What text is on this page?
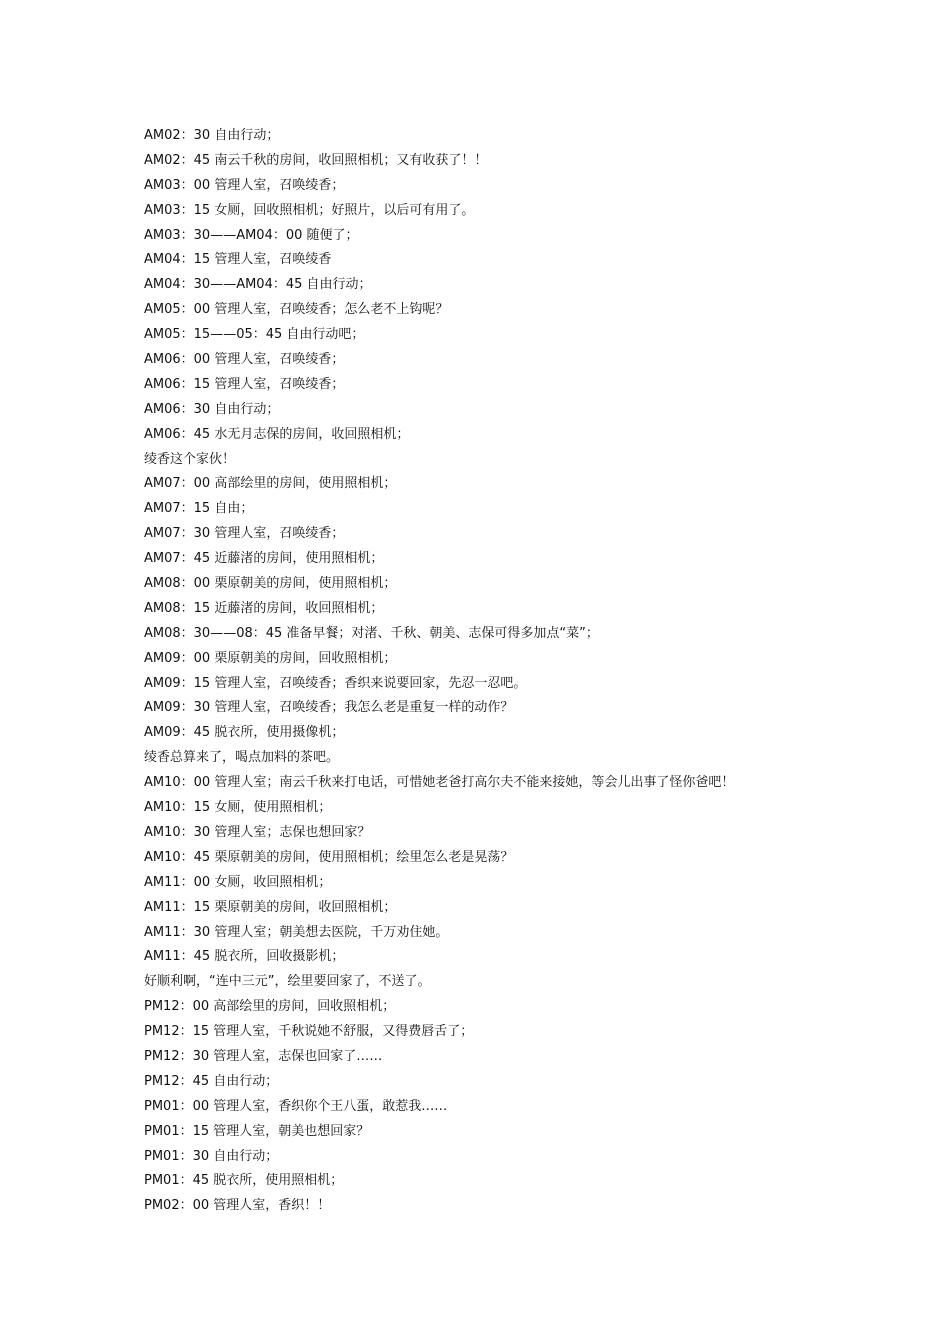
AM02：30 自由行动；
AM02：45 南云千秋的房间，收回照相机；又有收获了！！
AM03：00 管理人室，召唤绫香；
AM03：15 女厕，回收照相机；好照片，以后可有用了。
AM03：30——AM04：00 随便了；
AM04：15 管理人室，召唤绫香
AM04：30——AM04：45 自由行动；
AM05：00 管理人室，召唤绫香；怎么老不上钩呢？
AM05：15——05：45 自由行动吧；
AM06：00 管理人室，召唤绫香；
AM06：15 管理人室，召唤绫香；
AM06：30 自由行动；
AM06：45 水无月志保的房间，收回照相机；
绫香这个家伙！
AM07：00 高部绘里的房间，使用照相机；
AM07：15 自由；
AM07：30 管理人室，召唤绫香；
AM07：45 近藤渚的房间，使用照相机；
AM08：00 栗原朝美的房间，使用照相机；
AM08：15 近藤渚的房间，收回照相机；
AM08：30——08：45 准备早餐；对渚、千秋、朝美、志保可得多加点“菜”；
AM09：00 栗原朝美的房间，回收照相机；
AM09：15 管理人室，召唤绫香；香织来说要回家，先忍一忍吧。
AM09：30 管理人室，召唤绫香；我怎么老是重复一样的动作？
AM09：45 脱衣所，使用摄像机；
绫香总算来了，喝点加料的茶吧。
AM10：00 管理人室；南云千秋来打电话，可惜她老爸打高尔夫不能来接她，等会儿出事了怪你爸吧！
AM10：15 女厕，使用照相机；
AM10：30 管理人室；志保也想回家？
AM10：45 栗原朝美的房间，使用照相机；绘里怎么老是晃荡？
AM11：00 女厕，收回照相机；
AM11：15 栗原朝美的房间，收回照相机；
AM11：30 管理人室；朝美想去医院，千万劝住她。
AM11：45 脱衣所，回收摄影机；
好顺利啊，“连中三元”，绘里要回家了，不送了。
PM12：00 高部绘里的房间，回收照相机；
PM12：15 管理人室，千秋说她不舒服，又得费唇舌了；
PM12：30 管理人室，志保也回家了……
PM12：45 自由行动；
PM01：00 管理人室，香织你个王八蛋，敢惹我……
PM01：15 管理人室，朝美也想回家？
PM01：30 自由行动；
PM01：45 脱衣所，使用照相机；
PM02：00 管理人室，香织！！
